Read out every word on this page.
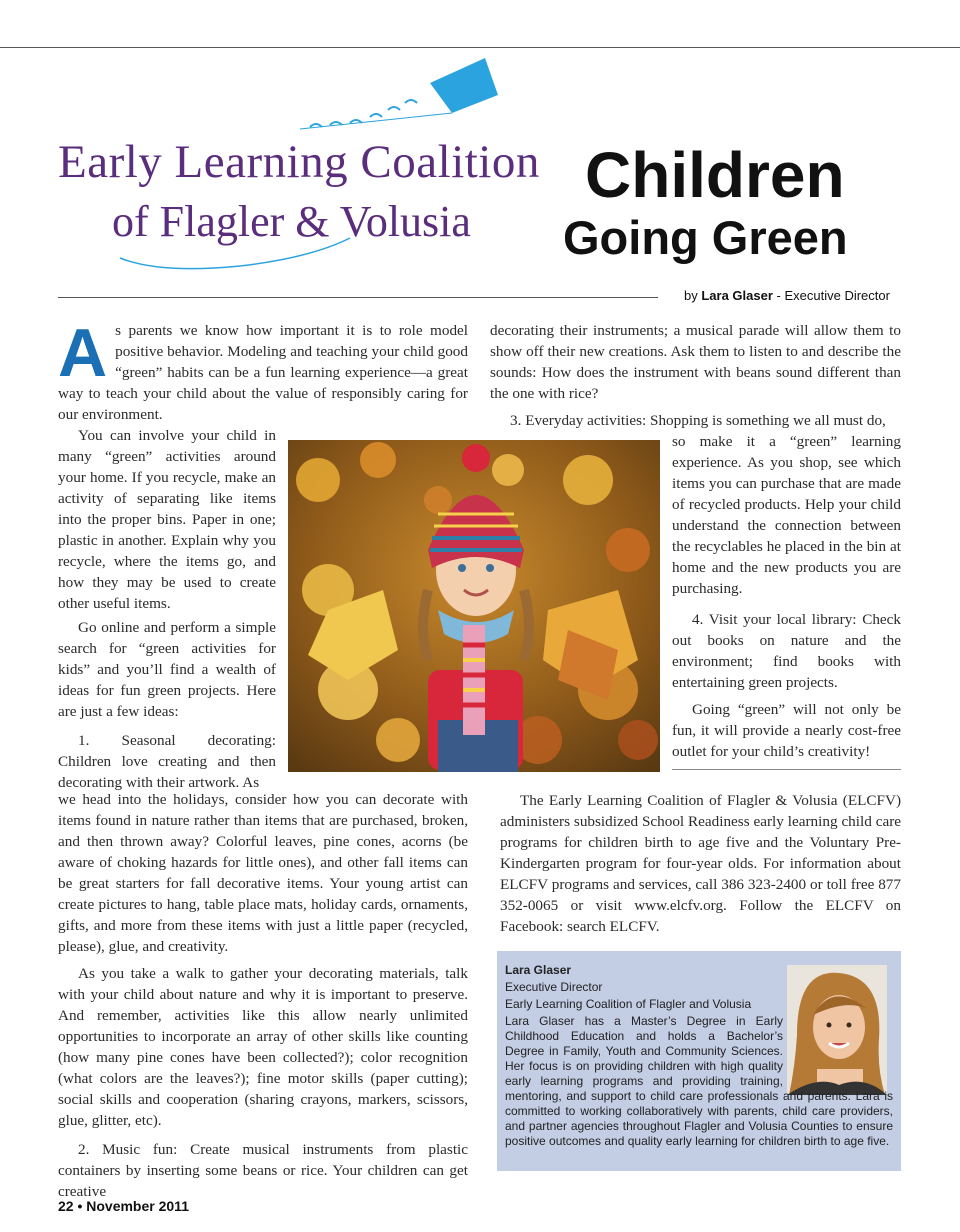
Early Learning Coalition
of Flagler & Volusia
Children
Going Green
by Lara Glaser - Executive Director
As parents we know how important it is to role model positive behavior. Modeling and teaching your child good “green” habits can be a fun learning experience—a great way to teach your child about the value of responsibly caring for our environment.

You can involve your child in many “green” activities around your home. If you recycle, make an activity of separating like items into the proper bins. Paper in one; plastic in another. Explain why you recycle, where the items go, and how they may be used to create other useful items.

Go online and perform a simple search for “green activities for kids” and you’ll find a wealth of ideas for fun green projects. Here are just a few ideas:

1. Seasonal decorating: Children love creating and then decorating with their artwork. As

we head into the holidays, consider how you can decorate with items found in nature rather than items that are purchased, broken, and then thrown away? Colorful leaves, pine cones, acorns (be aware of choking hazards for little ones), and other fall items can be great starters for fall decorative items. Your young artist can create pictures to hang, table place mats, holiday cards, ornaments, gifts, and more from these items with just a little paper (recycled, please), glue, and creativity.

As you take a walk to gather your decorating materials, talk with your child about nature and why it is important to preserve. And remember, activities like this allow nearly unlimited opportunities to incorporate an array of other skills like counting (how many pine cones have been collected?); color recognition (what colors are the leaves?); fine motor skills (paper cutting); social skills and cooperation (sharing crayons, markers, scissors, glue, glitter, etc).

2. Music fun: Create musical instruments from plastic containers by inserting some beans or rice. Your children can get creative

decorating their instruments; a musical parade will allow them to show off their new creations. Ask them to listen to and describe the sounds: How does the instrument with beans sound different than the one with rice?

3. Everyday activities: Shopping is something we all must do,

so make it a “green” learning experience. As you shop, see which items you can purchase that are made of recycled products. Help your child understand the connection between the recyclables he placed in the bin at home and the new products you are purchasing.

4. Visit your local library: Check out books on nature and the environment; find books with entertaining green projects.

Going “green” will not only be fun, it will provide a nearly cost-free outlet for your child’s creativity!

The Early Learning Coalition of Flagler & Volusia (ELCFV) administers subsidized School Readiness early learning child care programs for children birth to age five and the Voluntary Pre-Kindergarten program for four-year olds. For information about ELCFV programs and services, call 386 323-2400 or toll free 877 352-0065 or visit www.elcfv.org. Follow the ELCFV on Facebook: search ELCFV.

Lara Glaser
Executive Director
Early Learning Coalition of Flagler and Volusia
Lara Glaser has a Master’s Degree in Early Childhood Education and holds a Bachelor’s Degree in Family, Youth and Community Sciences. Her focus is on providing children with high quality early learning programs and providing training, mentoring, and support to child care professionals and parents. Lara is committed to working collaboratively with parents, child care providers, and partner agencies throughout Flagler and Volusia Counties to ensure positive outcomes and quality early learning for children birth to age five.
22 • November 2011
